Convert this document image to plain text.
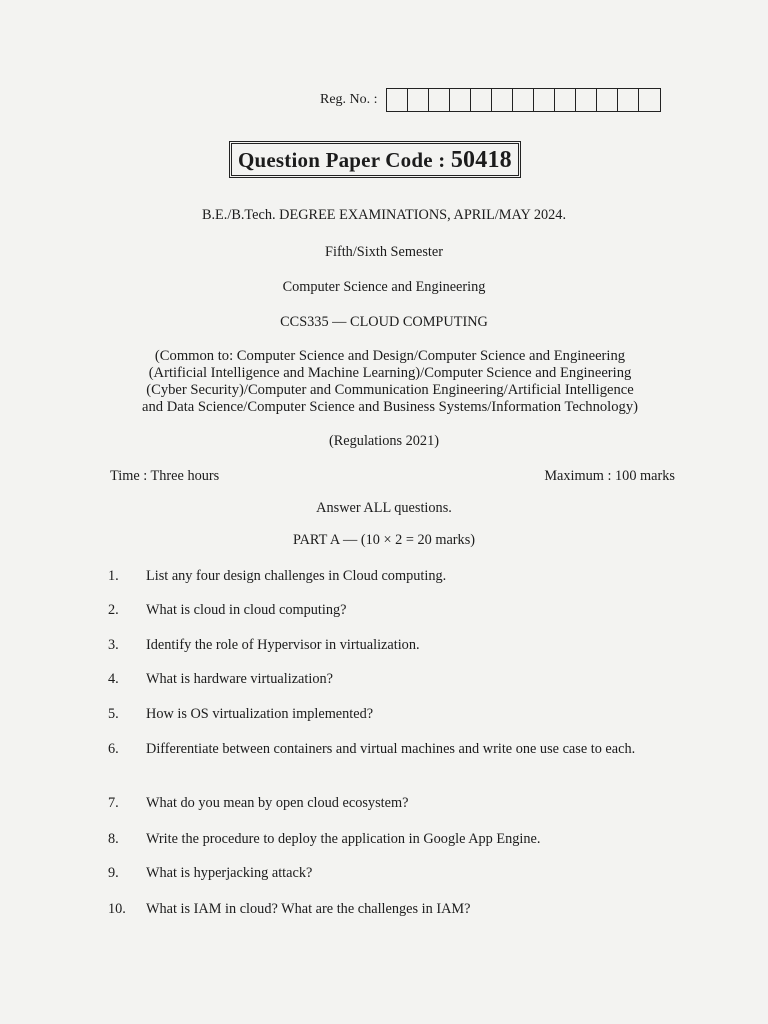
Reg. No. :
Question Paper Code : 50418
B.E./B.Tech. DEGREE EXAMINATIONS, APRIL/MAY 2024.
Fifth/Sixth Semester
Computer Science and Engineering
CCS335 — CLOUD COMPUTING
(Common to: Computer Science and Design/Computer Science and Engineering
(Artificial Intelligence and Machine Learning)/Computer Science and Engineering
(Cyber Security)/Computer and Communication Engineering/Artificial Intelligence
and Data Science/Computer Science and Business Systems/Information Technology)
(Regulations 2021)
Time : Three hours	Maximum : 100 marks
Answer ALL questions.
PART A — (10 × 2 = 20 marks)
1.	List any four design challenges in Cloud computing.
2.	What is cloud in cloud computing?
3.	Identify the role of Hypervisor in virtualization.
4.	What is hardware virtualization?
5.	How is OS virtualization implemented?
6.	Differentiate between containers and virtual machines and write one use case to each.
7.	What do you mean by open cloud ecosystem?
8.	Write the procedure to deploy the application in Google App Engine.
9.	What is hyperjacking attack?
10.	What is IAM in cloud? What are the challenges in IAM?
